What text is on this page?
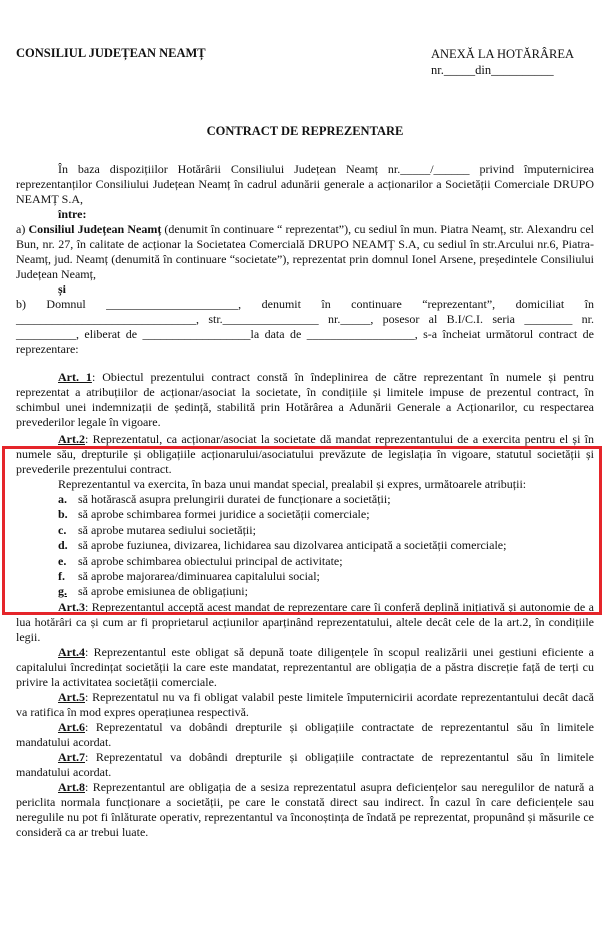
CONSILIUL JUDEȚEAN NEAMȚ	ANEXĂ LA HOTĂRÂREA
nr._____din__________
CONTRACT DE REPREZENTARE

În baza dispozițiilor Hotărârii Consiliului Județean Neamț nr._____/______ privind împuternicirea reprezentanților Consiliului Județean Neamț în cadrul adunării generale a acționarilor a Societății Comerciale DRUPO NEAMȚ S.A,

între:

a) Consiliul Județean Neamț (denumit în continuare “ reprezentat”), cu sediul în mun. Piatra Neamț, str. Alexandru cel Bun, nr. 27, în calitate de acționar la Societatea Comercială DRUPO NEAMȚ S.A, cu sediul în str.Arcului nr.6, Piatra-Neamț, jud. Neamț (denumită în continuare “societate”), reprezentat prin domnul Ionel Arsene, președintele Consiliului Județean Neamț,

și

b) Domnul ______________________, denumit în continuare “reprezentant”, domiciliat în ______________________________, str.________________ nr._____, posesor al B.I/C.I. seria ________ nr. __________, eliberat de __________________la data de __________________, s-a încheiat următorul contract de reprezentare:

Art. 1: Obiectul prezentului contract constă în îndeplinirea de către reprezentant în numele și pentru reprezentat a atribuțiilor de acționar/asociat la societate, în condițiile și limitele impuse de prezentul contract, în schimbul unei indemnizații de ședință, stabilită prin Hotărârea a Adunării Generale a Acționarilor, cu respectarea prevederilor legale în vigoare.

Art.2: Reprezentatul, ca acționar/asociat la societate dă mandat reprezentantului de a exercita pentru el și în numele său, drepturile și obligațiile acționarului/asociatului prevăzute de legislația în vigoare, statutul societății și prevederile prezentului contract.

Reprezentantul va exercita, în baza unui mandat special, prealabil și expres, următoarele atribuții:

a. să hotărască asupra prelungirii duratei de funcționare a societății;
b. să aprobe schimbarea formei juridice a societății comerciale;
c. să aprobe mutarea sediului societății;
d. să aprobe fuziunea, divizarea, lichidarea sau dizolvarea anticipată a societății comerciale;
e. să aprobe schimbarea obiectului principal de activitate;
f.	să aprobe majorarea/diminuarea capitalului social;
g. să aprobe emisiunea de obligațiuni;

Art.3: Reprezentantul acceptă acest mandat de reprezentare care îi conferă deplină inițiativă și autonomie de a lua hotărâri ca și cum ar fi proprietarul acțiunilor aparținând reprezentatului, altele decât cele de la art.2, în condițiile legii.

Art.4: Reprezentantul este obligat să depună toate diligențele în scopul realizării unei gestiuni eficiente a capitalului încredințat societății la care este mandatat, reprezentantul are obligația de a păstra discreție față de terți cu privire la activitatea societății comerciale.

Art.5: Reprezentatul nu va fi obligat valabil peste limitele împuternicirii acordate reprezentantului decât dacă va ratifica în mod expres operațiunea respectivă.

Art.6: Reprezentatul va dobândi drepturile și obligațiile contractate de reprezentantul său în limitele mandatului acordat.

Art.7: Reprezentatul va dobândi drepturile și obligațiile contractate de reprezentantul său în limitele mandatului acordat.

Art.8: Reprezentantul are obligația de a sesiza reprezentatul asupra deficiențelor sau neregulilor de natură a periclita normala funcționare a societății, pe care le constată direct sau indirect. În cazul în care deficiențele sau neregulile nu pot fi înlăturate operativ, reprezentantul va înconoștința de îndată pe reprezentat, propunând și măsurile ce consideră ca ar trebui luate.
